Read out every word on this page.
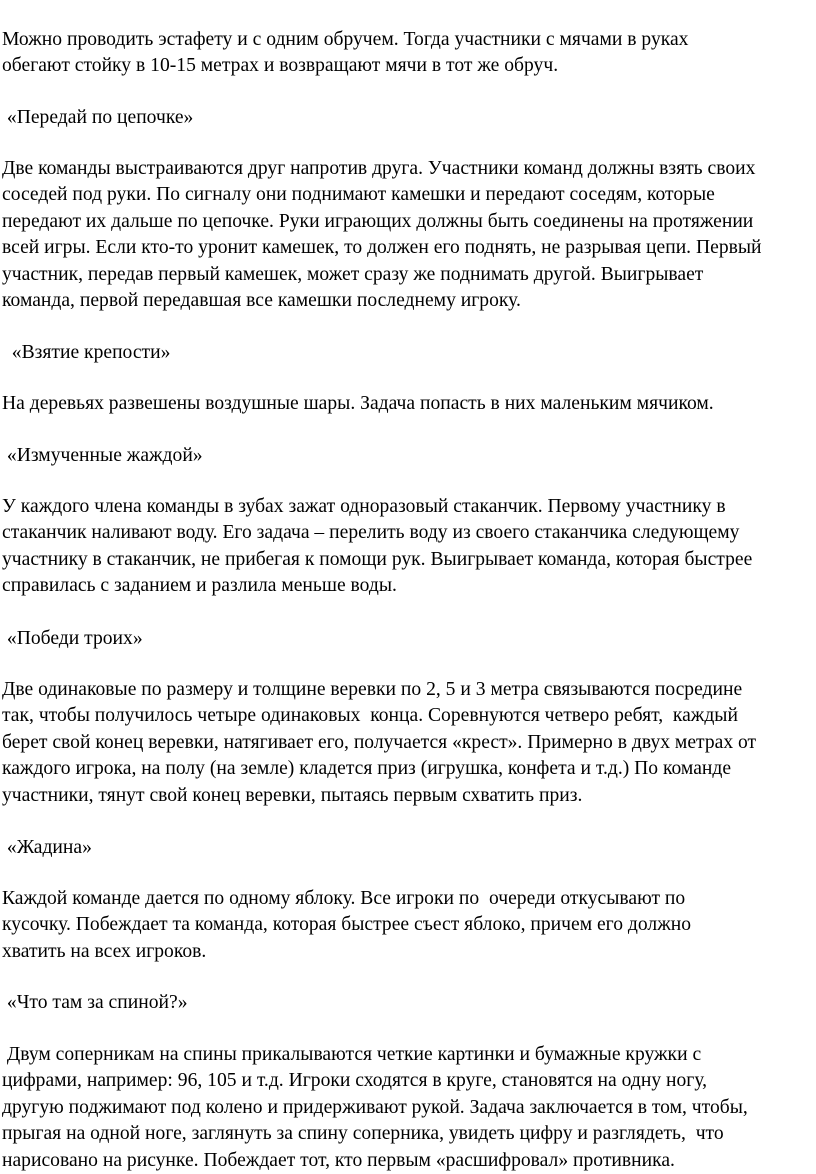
Можно проводить эстафету и с одним обручем. Тогда участники с мячами в руках
обегают стойку в 10-15 метрах и возвращают мячи в тот же обруч.
«Передай по цепочке»
Две команды выстраиваются друг напротив друга. Участники команд должны взять своих
соседей под руки. По сигналу они поднимают камешки и передают соседям, которые
передают их дальше по цепочке. Руки играющих должны быть соединены на протяжении
всей игры. Если кто-то уронит камешек, то должен его поднять, не разрывая цепи. Первый
участник, передав первый камешек, может сразу же поднимать другой. Выигрывает
команда, первой передавшая все камешки последнему игроку.
«Взятие крепости»
На деревьях развешены воздушные шары. Задача попасть в них маленьким мячиком.
«Измученные жаждой»
У каждого члена команды в зубах зажат одноразовый стаканчик. Первому участнику в
стаканчик наливают воду. Его задача – перелить воду из своего стаканчика следующему
участнику в стаканчик, не прибегая к помощи рук. Выигрывает команда, которая быстрее
справилась с заданием и разлила меньше воды.
«Победи троих»
Две одинаковые по размеру и толщине веревки по 2, 5 и 3 метра связываются посредине
так, чтобы получилось четыре одинаковых  конца. Соревнуются четверо ребят,  каждый
берет свой конец веревки, натягивает его, получается «крест». Примерно в двух метрах от
каждого игрока, на полу (на земле) кладется приз (игрушка, конфета и т.д.) По команде
участники, тянут свой конец веревки, пытаясь первым схватить приз.
«Жадина»
Каждой команде дается по одному яблоку. Все игроки по  очереди откусывают по
кусочку. Побеждает та команда, которая быстрее съест яблоко, причем его должно
хватить на всех игроков.
«Что там за спиной?»
Двум соперникам на спины прикалываются четкие картинки и бумажные кружки с
цифрами, например: 96, 105 и т.д. Игроки сходятся в круге, становятся на одну ногу,
другую поджимают под колено и придерживают рукой. Задача заключается в том, чтобы,
прыгая на одной ноге, заглянуть за спину соперника, увидеть цифру и разглядеть,  что
нарисовано на рисунке. Побеждает тот, кто первым «расшифровал» противника.
